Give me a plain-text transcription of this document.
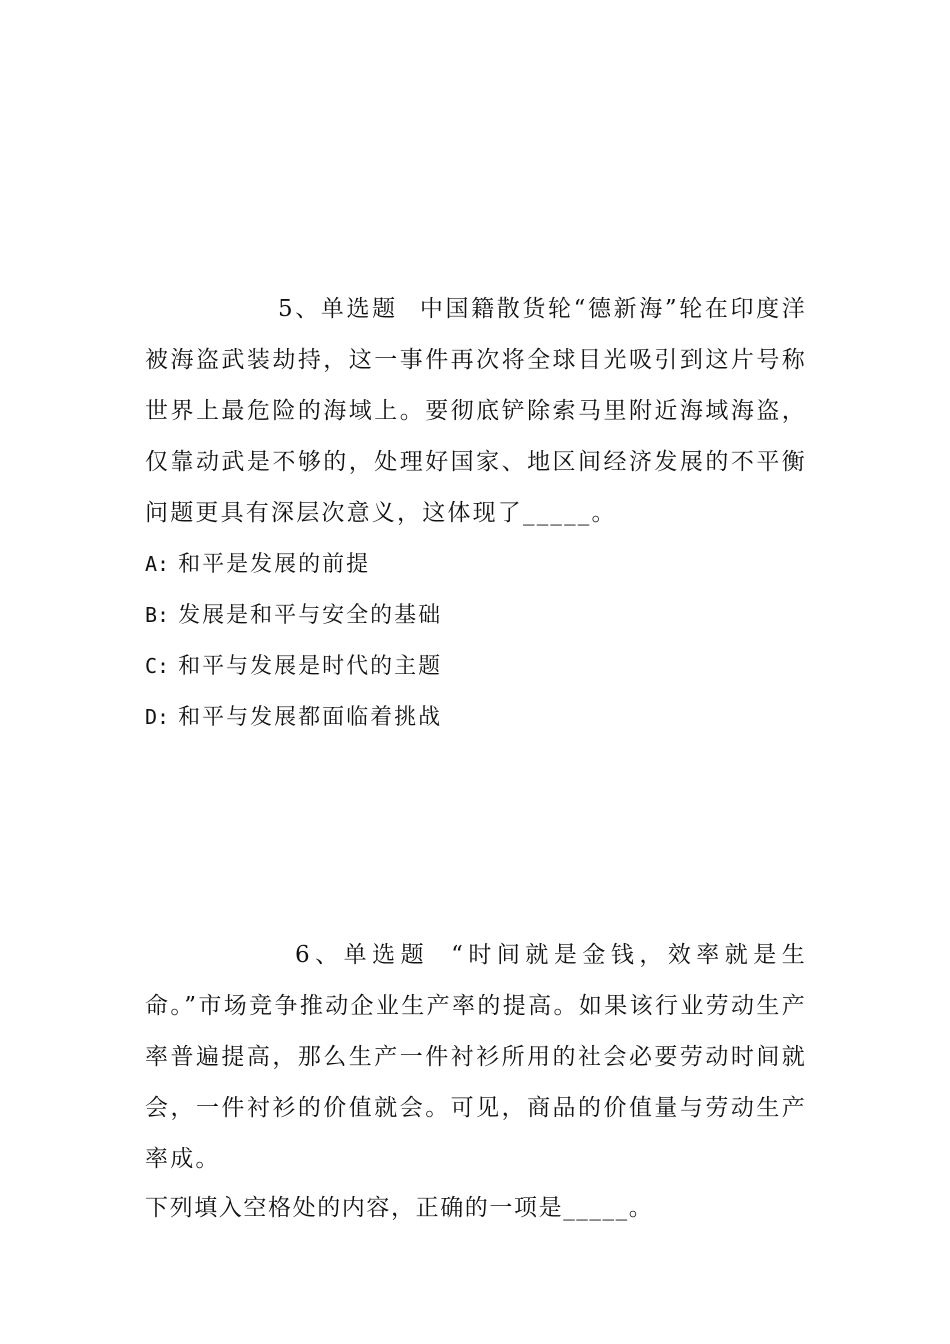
5、单选题 中国籍散货轮“德新海”轮在印度洋被海盗武装劫持，这一事件再次将全球目光吸引到这片号称世界上最危险的海域上。要彻底铲除索马里附近海域海盗，仅靠动武是不够的，处理好国家、地区间经济发展的不平衡问题更具有深层次意义，这体现了_____。

A: 和平是发展的前提
B: 发展是和平与安全的基础
C: 和平与发展是时代的主题
D: 和平与发展都面临着挑战

6、单选题 “时间就是金钱，效率就是生命。”市场竞争推动企业生产率的提高。如果该行业劳动生产率普遍提高，那么生产一件衬衫所用的社会必要劳动时间就会，一件衬衫的价值就会。可见，商品的价值量与劳动生产率成。

下列填入空格处的内容，正确的一项是_____。
